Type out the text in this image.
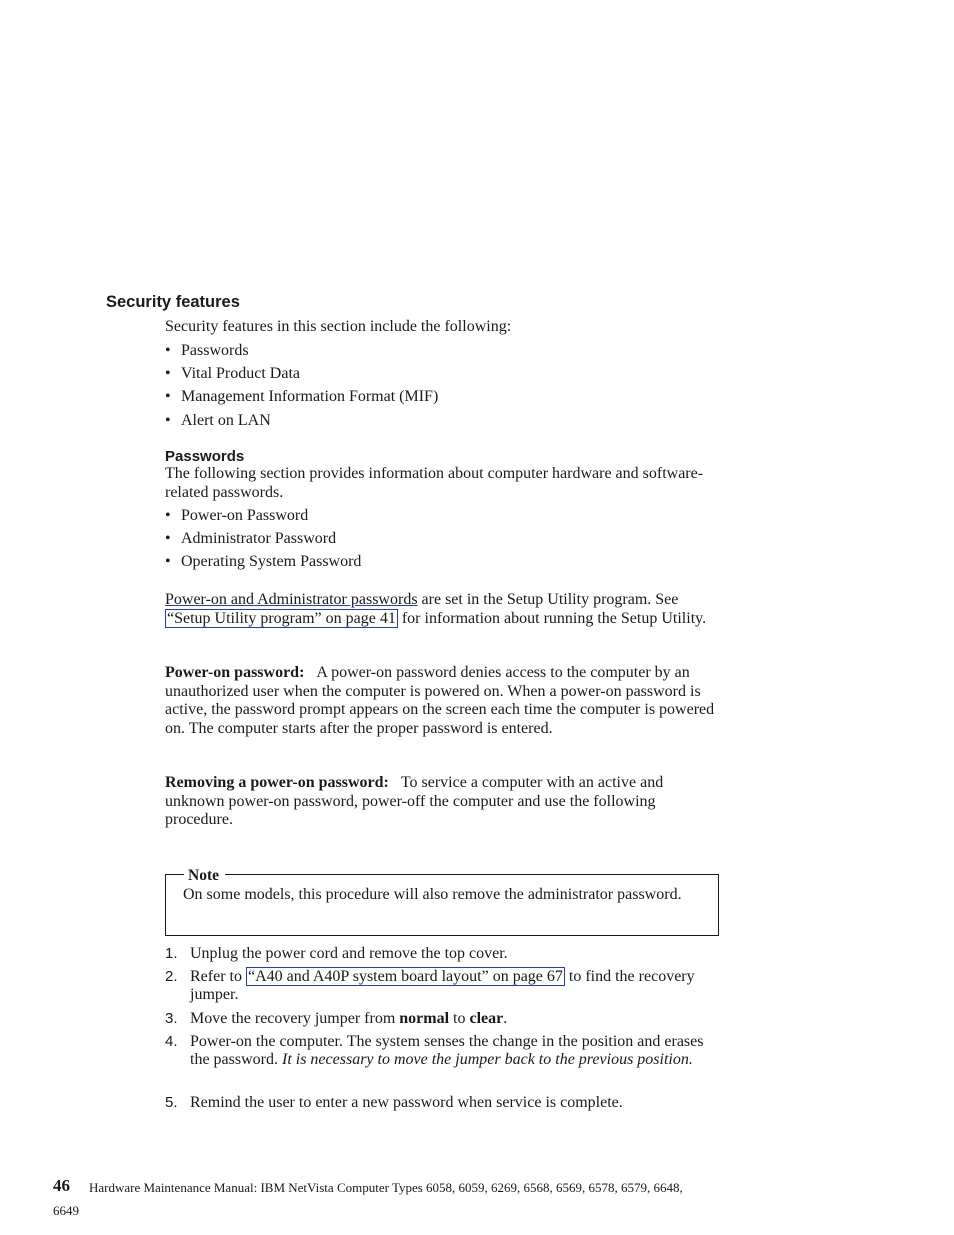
Security features
Security features in this section include the following:
• Passwords
• Vital Product Data
• Management Information Format (MIF)
• Alert on LAN
Passwords

The following section provides information about computer hardware and software-related passwords.

• Power-on Password
• Administrator Password
• Operating System Password

Power-on and Administrator passwords are set in the Setup Utility program. See “Setup Utility program” on page 41 for information about running the Setup Utility.

Power-on password: A power-on password denies access to the computer by an unauthorized user when the computer is powered on. When a power-on password is active, the password prompt appears on the screen each time the computer is powered on. The computer starts after the proper password is entered.

Removing a power-on password: To service a computer with an active and unknown power-on password, power-off the computer and use the following procedure.

Note
On some models, this procedure will also remove the administrator password.
1. Unplug the power cord and remove the top cover.
2. Refer to “A40 and A40P system board layout” on page 67 to find the recovery jumper.
3. Move the recovery jumper from normal to clear.
4. Power-on the computer. The system senses the change in the position and erases the password. It is necessary to move the jumper back to the previous position.
5. Remind the user to enter a new password when service is complete.
46 Hardware Maintenance Manual: IBM NetVista Computer Types 6058, 6059, 6269, 6568, 6569, 6578, 6579, 6648,
6649
